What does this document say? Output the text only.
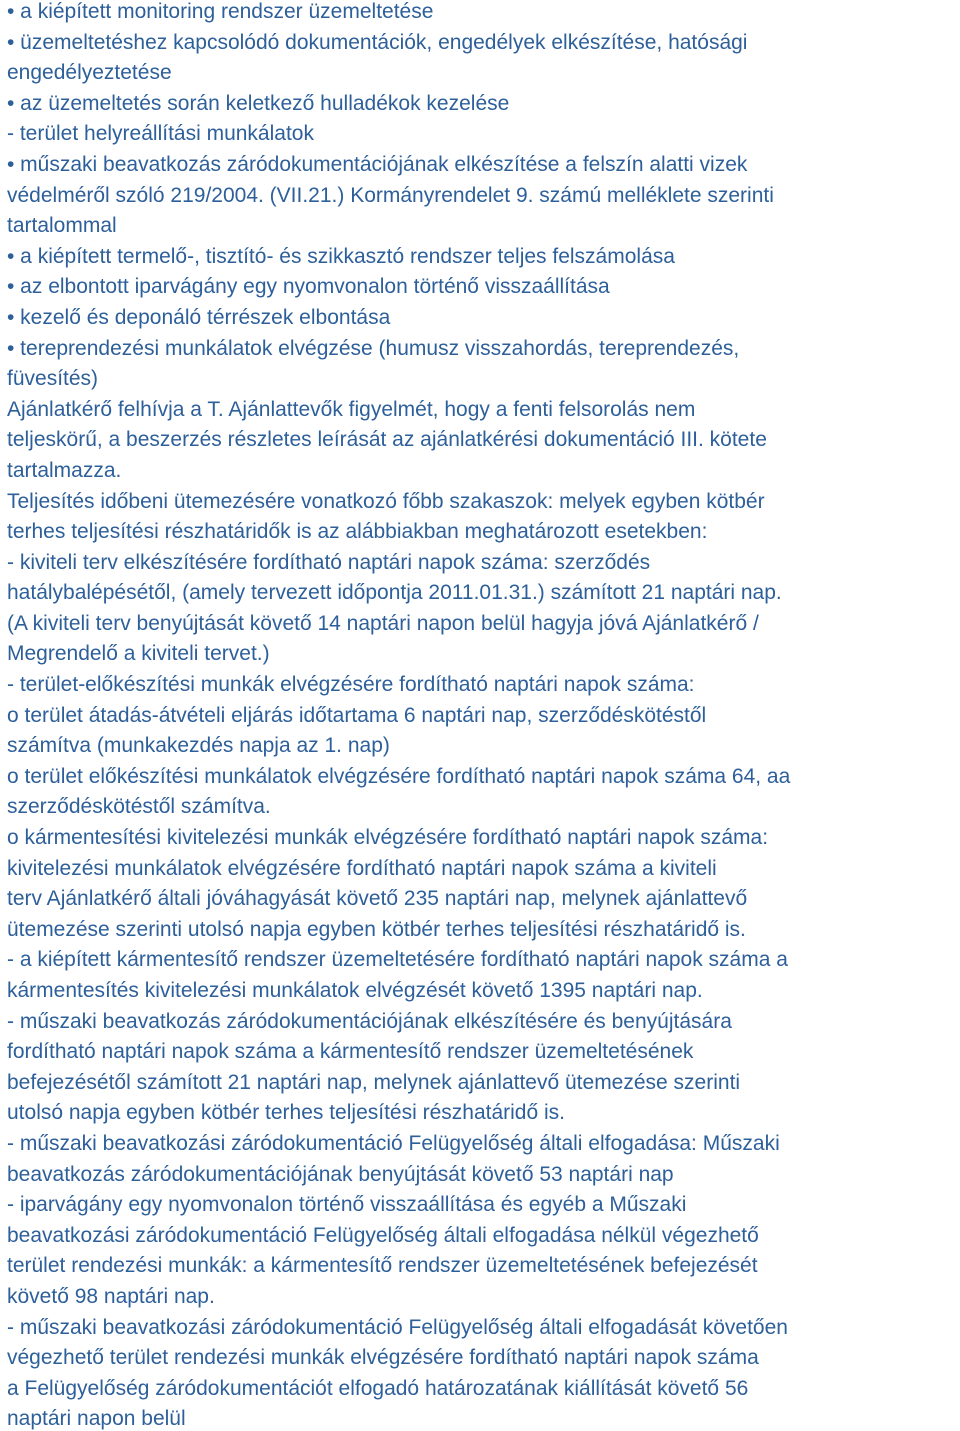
• a kiépített monitoring rendszer üzemeltetése
• üzemeltetéshez kapcsolódó dokumentációk, engedélyek elkészítése, hatósági
engedélyeztetése
• az üzemeltetés során keletkező hulladékok kezelése
- terület helyreállítási munkálatok
• műszaki beavatkozás záródokumentációjának elkészítése a felszín alatti vizek
védelméről szóló 219/2004. (VII.21.) Kormányrendelet 9. számú melléklete szerinti
tartalommal
• a kiépített termelő-, tisztító- és szikkasztó rendszer teljes felszámolása
• az elbontott iparvágány egy nyomvonalon történő visszaállítása
• kezelő és deponáló térrészek elbontása
• tereprendezési munkálatok elvégzése (humusz visszahordás, tereprendezés,
füvesítés)
Ajánlatkérő felhívja a T. Ajánlattevők figyelmét, hogy a fenti felsorolás nem
teljeskörű, a beszerzés részletes leírását az ajánlatkérési dokumentáció III. kötete
tartalmazza.
Teljesítés időbeni ütemezésére vonatkozó főbb szakaszok: melyek egyben kötbér
terhes teljesítési részhatáridők is az alábbiakban meghatározott esetekben:
- kiviteli terv elkészítésére fordítható naptári napok száma: szerződés
hatálybalépésétől, (amely tervezett időpontja 2011.01.31.) számított 21 naptári nap.
(A kiviteli terv benyújtását követő 14 naptári napon belül hagyja jóvá Ajánlatkérő /
Megrendelő a kiviteli tervet.)
- terület-előkészítési munkák elvégzésére fordítható naptári napok száma:
o terület átadás-átvételi eljárás időtartama 6 naptári nap, szerződéskötéstől
számítva (munkakezdés napja az 1. nap)
o terület előkészítési munkálatok elvégzésére fordítható naptári napok száma 64, aa
szerződéskötéstől számítva.
o kármentesítési kivitelezési munkák elvégzésére fordítható naptári napok száma:
kivitelezési munkálatok elvégzésére fordítható naptári napok száma a kiviteli
terv Ajánlatkérő általi jóváhagyását követő 235 naptári nap, melynek ajánlattevő
ütemezése szerinti utolsó napja egyben kötbér terhes teljesítési részhatáridő is.
- a kiépített kármentesítő rendszer üzemeltetésére fordítható naptári napok száma a
kármentesítés kivitelezési munkálatok elvégzését követő 1395 naptári nap.
- műszaki beavatkozás záródokumentációjának elkészítésére és benyújtására
fordítható naptári napok száma a kármentesítő rendszer üzemeltetésének
befejezésétől számított 21 naptári nap, melynek ajánlattevő ütemezése szerinti
utolsó napja egyben kötbér terhes teljesítési részhatáridő is.
- műszaki beavatkozási záródokumentáció Felügyelőség általi elfogadása: Műszaki
beavatkozás záródokumentációjának benyújtását követő 53 naptári nap
- iparvágány egy nyomvonalon történő visszaállítása és egyéb a Műszaki
beavatkozási záródokumentáció Felügyelőség általi elfogadása nélkül végezhető
terület rendezési munkák: a kármentesítő rendszer üzemeltetésének befejezését
követő 98 naptári nap.
- műszaki beavatkozási záródokumentáció Felügyelőség általi elfogadását követően
végezhető terület rendezési munkák elvégzésére fordítható naptári napok száma
a Felügyelőség záródokumentációt elfogadó határozatának kiállítását követő 56
naptári napon belül
